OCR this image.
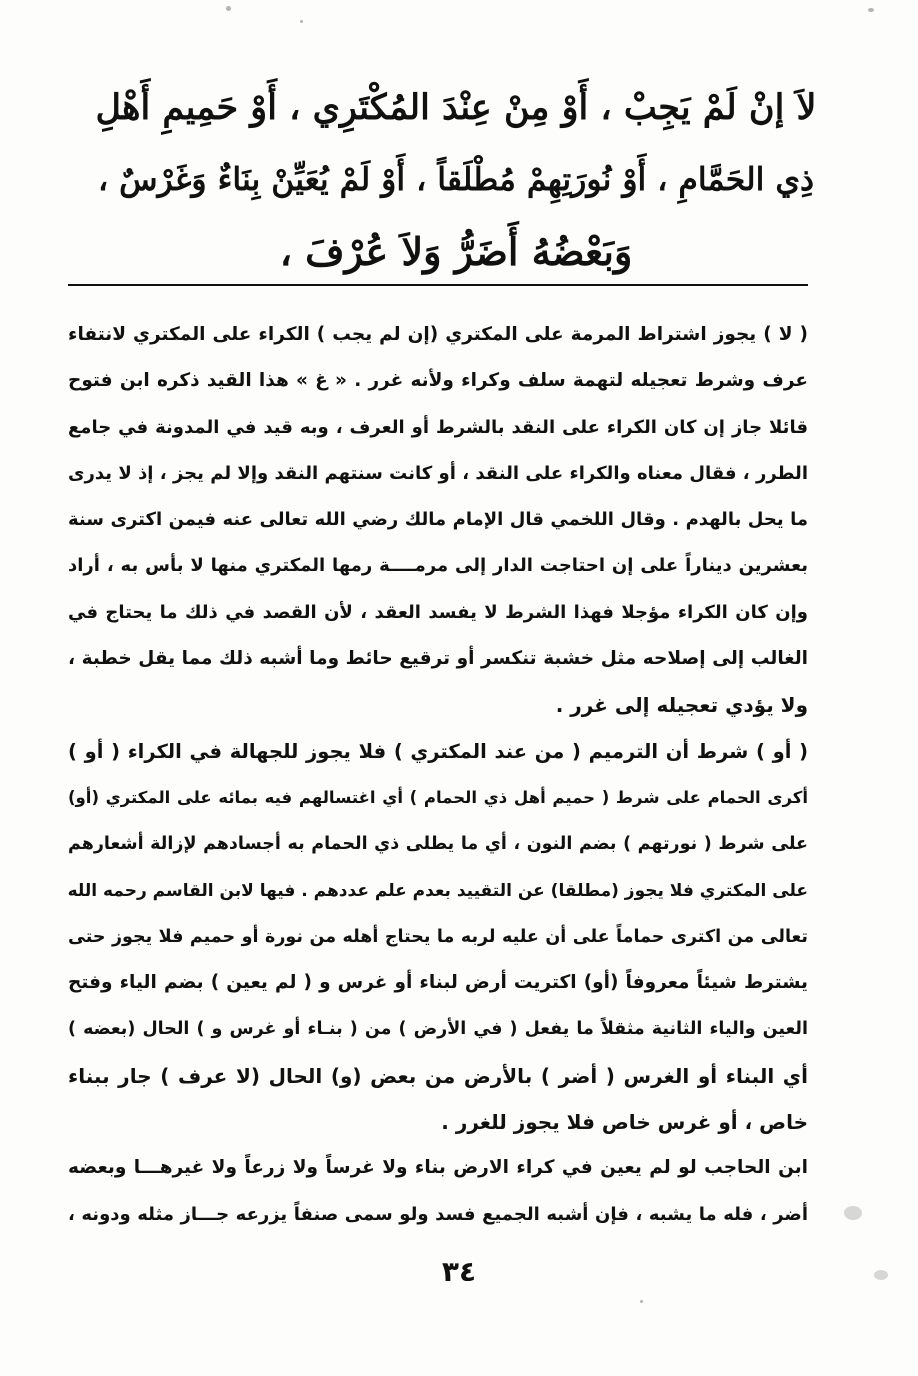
لاَ إنْ لَمْ يَجِبْ ، أَوْ مِنْ عِنْدَ المُكْتَرِي ، أَوْ حَمِيمِ أَهْلِ
ذِي الحَمَّامِ ، أَوْ نُورَتِهِمْ مُطْلَقاً ، أَوْ لَمْ يُعَيِّنْ بِنَاءٌ وَغَرْسٌ ،
وَبَعْضُهُ أَضَرُّ وَلاَ عُرْفَ ،
( لا ) يجوز اشتراط المرمة على المكتري (إن لم يجب ) الكراء على المكتري لانتفاء
عرف وشرط تعجيله لتهمة سلف وكراء ولأنه غرر . « غ » هذا القيد ذكره ابن فتوح
قائلا جاز إن كان الكراء على النقد بالشرط أو العرف ، وبه قيد في المدونة في جامع
الطرر ، فقال معناه والكراء على النقد ، أو كانت سنتهم النقد وإلا لم يجز ، إذ لا يدرى
ما يحل بالهدم . وقال اللخمي قال الإمام مالك رضي الله تعالى عنه فيمن اكترى سنة
بعشرين ديناراً على إن احتاجت الدار إلى مرمــــة رمها المكتري منها لا بأس به ، أراد
وإن كان الكراء مؤجلا فهذا الشرط لا يفسد العقد ، لأن القصد في ذلك ما يحتاج في
الغالب إلى إصلاحه مثل خشبة تنكسر أو ترقيع حائط وما أشبه ذلك مما يقل خطبة ،
ولا يؤدي تعجيله إلى غرر .
( أو ) شرط أن الترميم ( من عند المكتري ) فلا يجوز للجهالة في الكراء ( أو )
أكرى الحمام على شرط ( حميم أهل ذي الحمام ) أي اغتسالهم فيه بمائه على المكتري (أو)
على شرط ( نورتهم ) بضم النون ، أي ما يطلى ذي الحمام به أجسادهم لإزالة أشعارهم
على المكتري فلا يجوز (مطلقا) عن التقييد بعدم علم عددهم . فيها لابن القاسم رحمه الله
تعالى من اكترى حماماً على أن عليه لربه ما يحتاج أهله من نورة أو حميم فلا يجوز حتى
يشترط شيئاً معروفاً (أو) اكتريت أرض لبناء أو غرس و ( لم يعين ) بضم الياء وفتح
العين والياء الثانية مثقلاً ما يفعل ( في الأرض ) من ( بنـاء أو غرس و ) الحال (بعضه )
أي البناء أو الغرس ( أضر ) بالأرض من بعض (و) الحال (لا عرف ) جار ببناء
خاص ، أو غرس خاص فلا يجوز للغرر .
ابن الحاجب لو لم يعين في كراء الارض بناء ولا غرساً ولا زرعاً ولا غيرهـــا وبعضه
أضر ، فله ما يشبه ، فإن أشبه الجميع فسد ولو سمى صنفاً يزرعه جـــاز مثله ودونه ،
٣٤
